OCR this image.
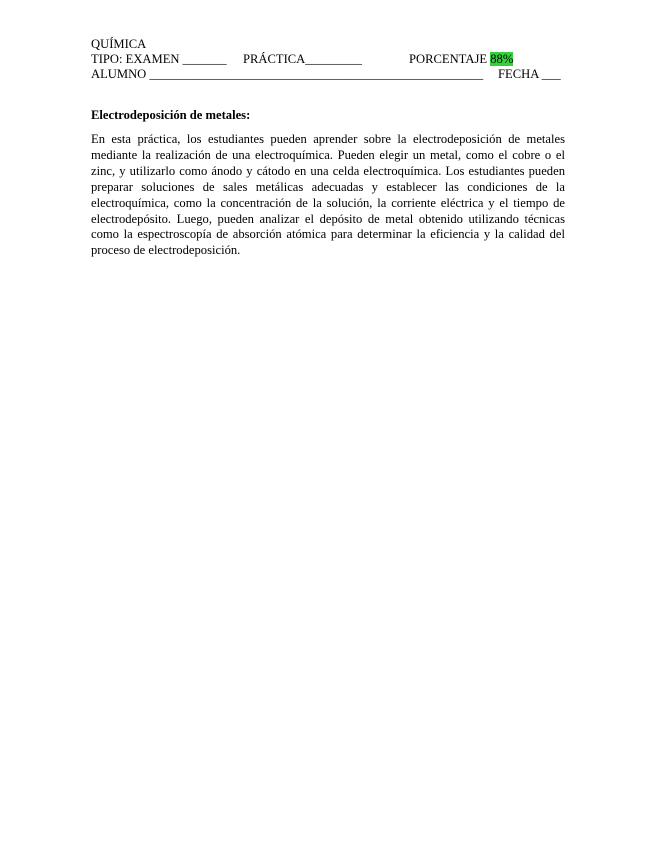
QUÍMICA
TIPO: EXAMEN _______ PRÁCTICA_________	PORCENTAJE 88%
ALUMNO _____________________________________________________ FECHA ___
Electrodeposición de metales:

En esta práctica, los estudiantes pueden aprender sobre la electrodeposición de metales mediante la realización de una electroquímica. Pueden elegir un metal, como el cobre o el zinc, y utilizarlo como ánodo y cátodo en una celda electroquímica. Los estudiantes pueden preparar soluciones de sales metálicas adecuadas y establecer las condiciones de la electroquímica, como la concentración de la solución, la corriente eléctrica y el tiempo de electrodepósito. Luego, pueden analizar el depósito de metal obtenido utilizando técnicas como la espectroscopía de absorción atómica para determinar la eficiencia y la calidad del proceso de electrodeposición.
